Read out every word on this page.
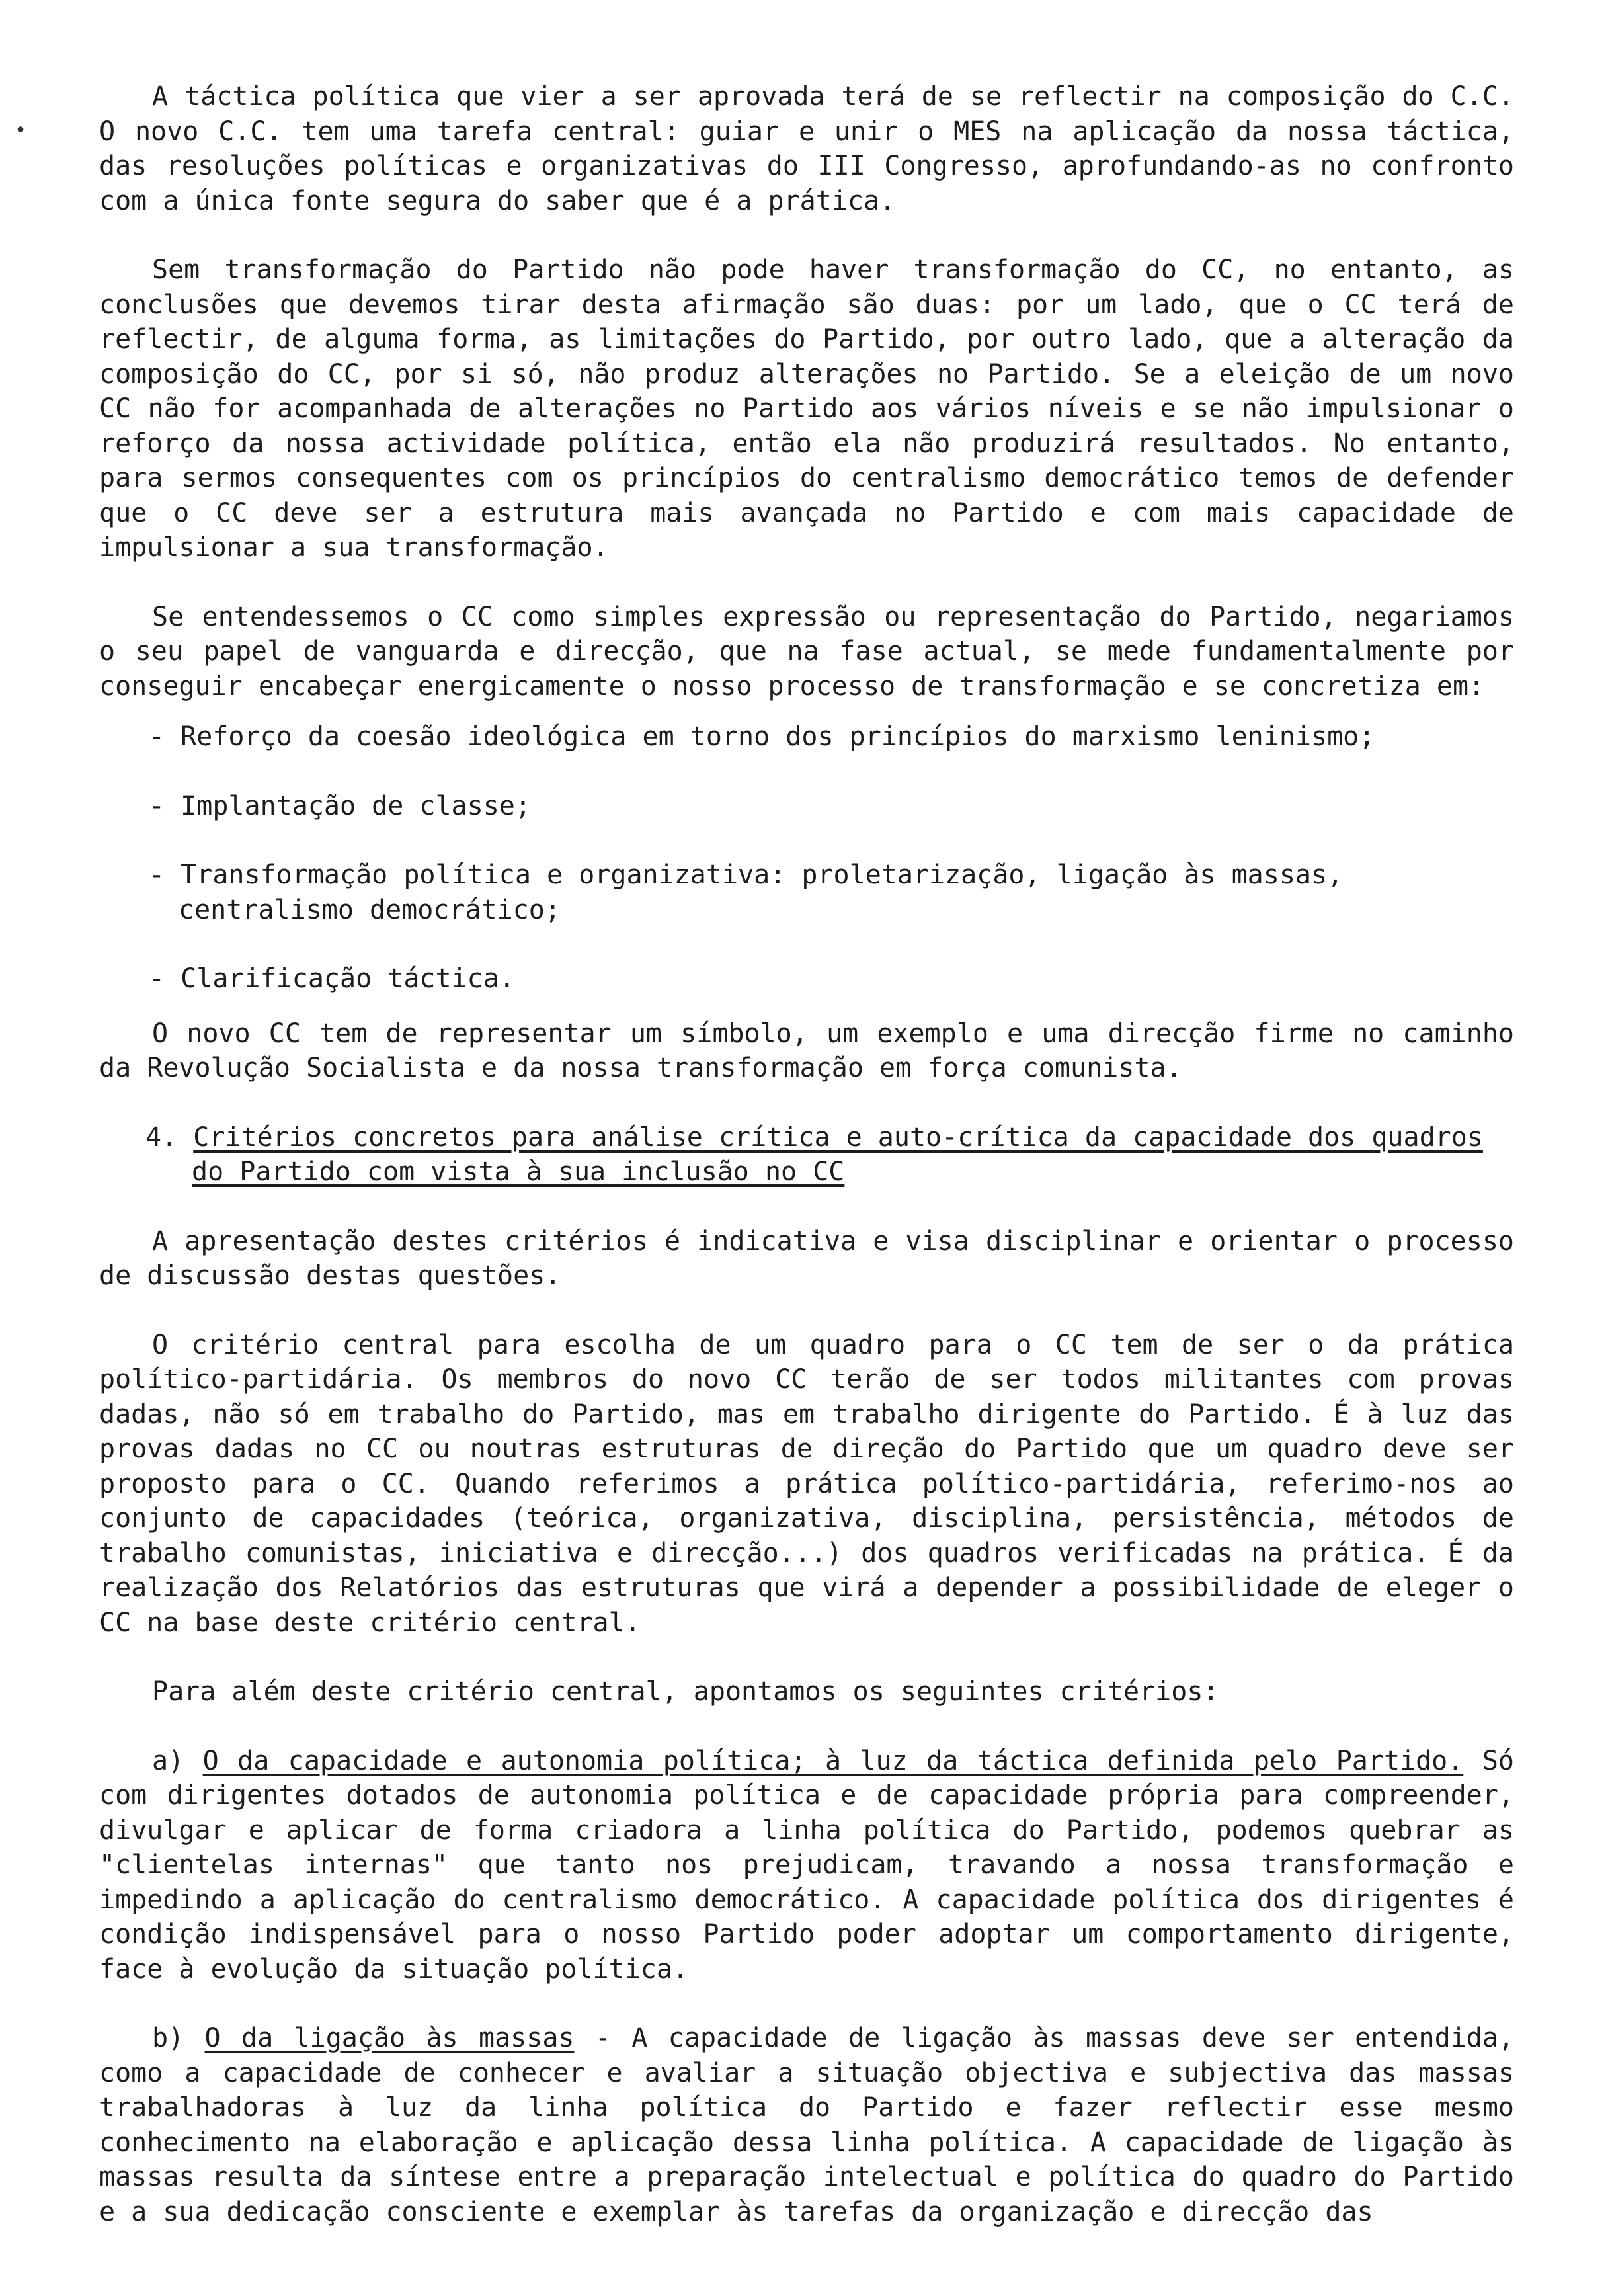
•

A táctica política que vier a ser aprovada terá de se reflectir na composição do C.C. O novo C.C. tem uma tarefa central: guiar e unir o MES na aplicação da nossa táctica, das resoluções políticas e organizativas do III Congresso, aprofundando-as no confronto com a única fonte segura do saber que é a prática.

Sem transformação do Partido não pode haver transformação do CC, no entanto, as conclusões que devemos tirar desta afirmação são duas: por um lado, que o CC terá de reflectir, de alguma forma, as limitações do Partido, por outro lado, que a alteração da composição do CC, por si só, não produz alterações no Partido. Se a eleição de um novo CC não for acompanhada de alterações no Partido aos vários níveis e se não impulsionar o reforço da nossa actividade política, então ela não produzirá resultados. No entanto, para sermos consequentes com os princípios do centralismo democrático temos de defender que o CC deve ser a estrutura mais avançada no Partido e com mais capacidade de impulsionar a sua transformação.

Se entendessemos o CC como simples expressão ou representação do Partido, negariamos o seu papel de vanguarda e direcção, que na fase actual, se mede fundamentalmente por conseguir encabeçar energicamente o nosso processo de transformação e se concretiza em:

- Reforço da coesão ideológica em torno dos princípios do marxismo leninismo;

- Implantação de classe;

- Transformação política e organizativa: proletarização, ligação às massas, centralismo democrático;

- Clarificação táctica.

O novo CC tem de representar um símbolo, um exemplo e uma direcção firme no caminho da Revolução Socialista e da nossa transformação em força comunista.

4. Critérios concretos para análise crítica e auto-crítica da capacidade dos quadros do Partido com vista à sua inclusão no CC

A apresentação destes critérios é indicativa e visa disciplinar e orientar o processo de discussão destas questões.

O critério central para escolha de um quadro para o CC tem de ser o da prática político-partidária. Os membros do novo CC terão de ser todos militantes com provas dadas, não só em trabalho do Partido, mas em trabalho dirigente do Partido. É à luz das provas dadas no CC ou noutras estruturas de direção do Partido que um quadro deve ser proposto para o CC. Quando referimos a prática político-partidária, referimo-nos ao conjunto de capacidades (teórica, organizativa, disciplina, persistência, métodos de trabalho comunistas, iniciativa e direcção...) dos quadros verificadas na prática. É da realização dos Relatórios das estruturas que virá a depender a possibilidade de eleger o CC na base deste critério central.

Para além deste critério central, apontamos os seguintes critérios:

a) O da capacidade e autonomia política; à luz da táctica definida pelo Partido. Só com dirigentes dotados de autonomia política e de capacidade própria para compreender, divulgar e aplicar de forma criadora a linha política do Partido, podemos quebrar as "clientelas internas" que tanto nos prejudicam, travando a nossa transformação e impedindo a aplicação do centralismo democrático. A capacidade política dos dirigentes é condição indispensável para o nosso Partido poder adoptar um comportamento dirigente, face à evolução da situação política.

b) O da ligação às massas - A capacidade de ligação às massas deve ser entendida, como a capacidade de conhecer e avaliar a situação objectiva e subjectiva das massas trabalhadoras à luz da linha política do Partido e fazer reflectir esse mesmo conhecimento na elaboração e aplicação dessa linha política. A capacidade de ligação às massas resulta da síntese entre a preparação intelectual e política do quadro do Partido e a sua dedicação consciente e exemplar às tarefas da organização e direcção das
